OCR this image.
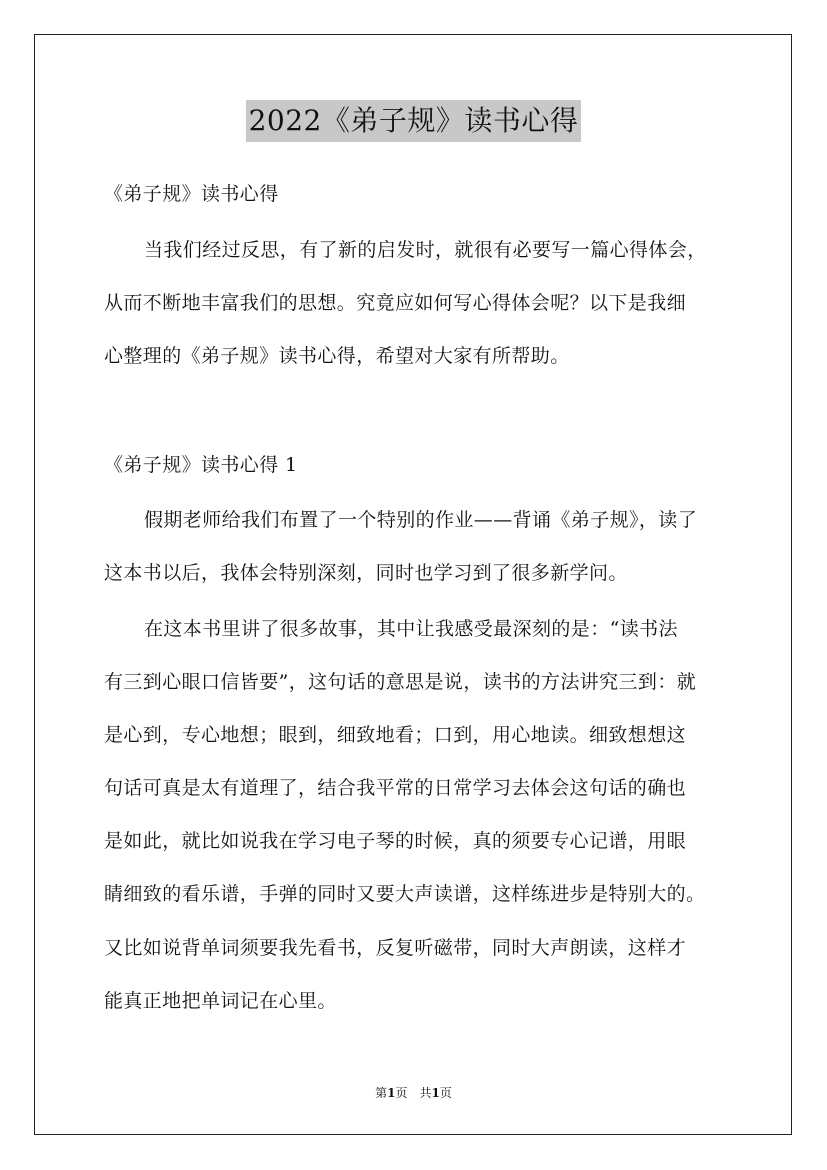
2022《弟子规》读书心得
《弟子规》读书心得
当我们经过反思，有了新的启发时，就很有必要写一篇心得体会，
从而不断地丰富我们的思想。究竟应如何写心得体会呢？以下是我细
心整理的《弟子规》读书心得，希望对大家有所帮助。
《弟子规》读书心得 1
假期老师给我们布置了一个特别的作业——背诵《弟子规》，读了
这本书以后，我体会特别深刻，同时也学习到了很多新学问。
在这本书里讲了很多故事，其中让我感受最深刻的是：“读书法
有三到心眼口信皆要”，这句话的意思是说，读书的方法讲究三到：就
是心到，专心地想；眼到，细致地看；口到，用心地读。细致想想这
句话可真是太有道理了，结合我平常的日常学习去体会这句话的确也
是如此，就比如说我在学习电子琴的时候，真的须要专心记谱，用眼
睛细致的看乐谱，手弹的同时又要大声读谱，这样练进步是特别大的。
又比如说背单词须要我先看书，反复听磁带，同时大声朗读，这样才
能真正地把单词记在心里。
第1页　共1页
